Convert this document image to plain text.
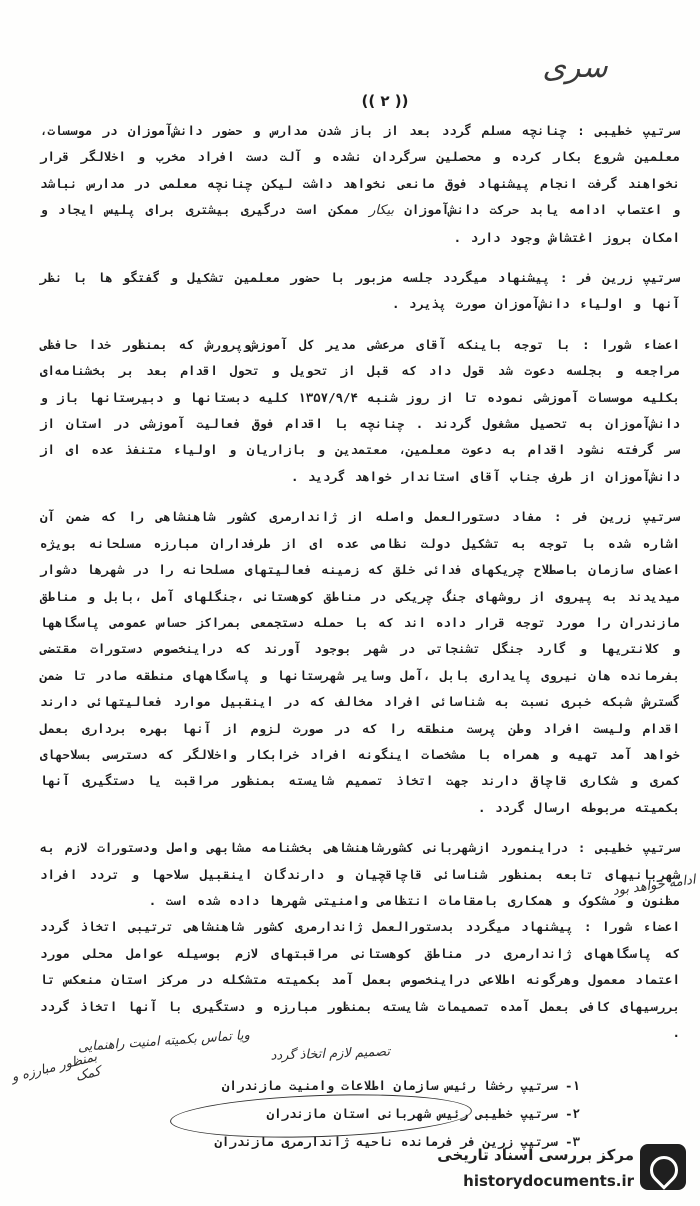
سری
(( ۲ ))

سرتیپ خطیبی : چنانچه مسلم گردد بعد از باز شدن مدارس و حضور دانش‌آموزان در موسسات، معلمین شروع بکار کرده و محصلین سرگردان نشده و آلت دست افراد مخرب و اخلالگر قرار نخواهند گرفت انجام پیشنهاد فوق مانعی نخواهد داشت لیکن چنانچه معلمی در مدارس نباشد و اعتصاب ادامه یابد حرکت دانش‌آموزان بیکار ممکن است درگیری بیشتری برای پلیس ایجاد و امکان بروز اغتشاش وجود دارد .

سرتیپ زرین فر : پیشنهاد میگردد جلسه مزبور با حضور معلمین تشکیل و گفتگو ها با نظر آنها و اولیاء دانش‌آموزان صورت پذیرد .

اعضاء شورا : با توجه باینکه آقای مرعشی مدیر کل آموزش‌وپرورش که بمنظور خدا حافظی مراجعه و بجلسه دعوت شد قول داد که قبل از تحویل و تحول اقدام بعد بر بخشنامه‌ای بکلیه موسسات آموزشی نموده تا از روز شنبه ۱۳۵۷/۹/۴ کلیه دبستانها و دبیرستانها باز و دانش‌آموزان به تحصیل مشغول گردند . چنانچه با اقدام فوق فعالیت آموزشی در استان از سر گرفته نشود اقدام به دعوت معلمین، معتمدین و بازاریان و اولیاء متنفذ عده ای از دانش‌آموزان از طرف جناب آقای استاندار خواهد گردید .

سرتیپ زرین فر : مفاد دستورالعمل واصله از ژاندارمری کشور شاهنشاهی را که ضمن آن اشاره شده با توجه به تشکیل دولت نظامی عده ای از طرفداران مبارزه مسلحانه بویژه اعضای سازمان باصطلاح چریکهای فدائی خلق که زمینه فعالیتهای مسلحانه را در شهرها دشوار میدیدند به پیروی از روشهای جنگ چریکی در مناطق کوهستانی ،جنگلهای آمل ،بابل و مناطق مازندران را مورد توجه قرار داده اند که با حمله دستجمعی بمراکز حساس عمومی پاسگاهها و کلانتریها و گارد جنگل تشنجاتی در شهر بوجود آورند که دراینخصوص دستورات مقتضی بفرمانده هان نیروی پایداری بابل ،آمل وسایر شهرستانها و پاسگاههای منطقه صادر تا ضمن گسترش شبکه خبری نسبت به شناسائی افراد مخالف که در اینقبیل موارد فعالیتهائی دارند اقدام ولیست افراد وطن پرست منطقه را که در صورت لزوم از آنها بهره برداری بعمل خواهد آمد تهیه و همراه با مشخصات اینگونه افراد خرابکار واخلالگر که دسترسی بسلاحهای کمری و شکاری قاچاق دارند جهت اتخاذ تصمیم شایسته بمنظور مراقبت یا دستگیری آنها بکمیته مربوطه ارسال گردد .

سرتیپ خطیبی : دراینمورد ازشهربانی کشورشاهنشاهی بخشنامه مشابهی واصل ودستورات لازم به شهربانیهای تابعه بمنظور شناسائی قاچاقچیان و دارندگان اینقبیل سلاحها و تردد افراد مظنون و مشکوک و همکاری بامقامات انتظامی وامنیتی شهرها داده شده است .

اعضاء شورا : پیشنهاد میگردد بدستورالعمل ژاندارمری کشور شاهنشاهی ترتیبی اتخاذ گردد که پاسگاههای ژاندارمری در مناطق کوهستانی مراقبتهای لازم بوسیله عوامل محلی مورد اعتماد معمول وهرگونه اطلاعی دراینخصوص بعمل آمد بکمیته متشکله در مرکز استان منعکس تا بررسیهای کافی بعمل آمده تصمیمات شایسته بمنظور مبارزه و دستگیری با آنها اتخاذ گردد .

ادامه خواهد بود
ویا تماس بکمیته امنیت راهنمایی
بمنظور مبارزه و کمک
تصمیم لازم اتخاذ گردد
۱- سرتیپ رخشا رئیس سازمان اطلاعات وامنیت مازندران
۲- سرتیپ خطیبی رئیس شهربانی استان مازندران
۳- سرتیپ زرین فر فرمانده ناحیه ژاندارمری مازندران
مرکز بررسی اسناد تاریخی
historydocuments.ir
